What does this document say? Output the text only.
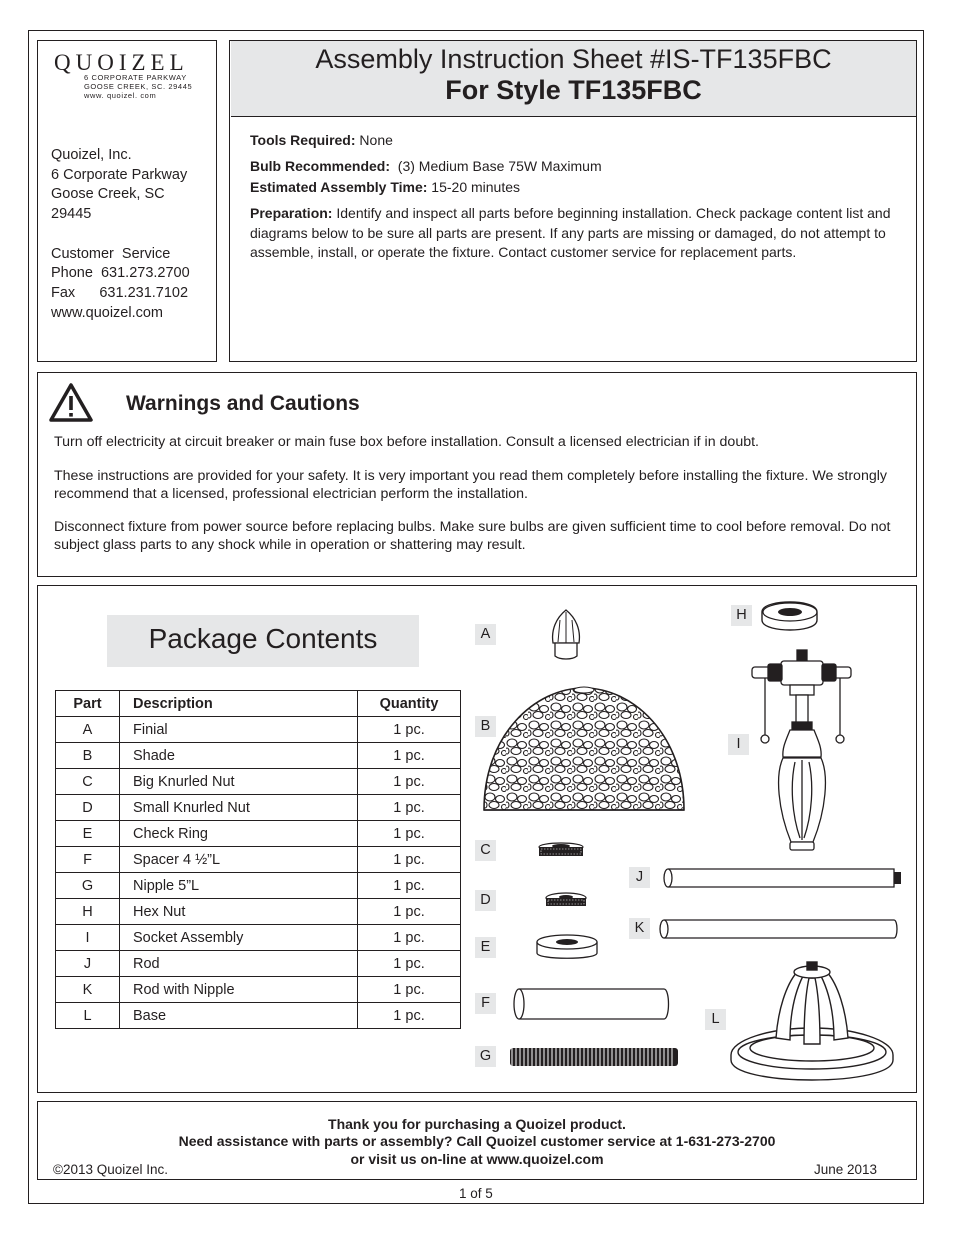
QUOIZEL
6 CORPORATE PARKWAY
GOOSE CREEK, SC. 29445
www. quoizel. com
Quoizel, Inc.
6 Corporate Parkway
Goose Creek, SC
29445

Customer  Service
Phone  631.273.2700
Fax      631.231.7102
www.quoizel.com
Assembly Instruction Sheet #IS-TF135FBC
For Style TF135FBC
Tools Required: None
Bulb Recommended: (3) Medium Base 75W Maximum
Estimated Assembly Time: 15-20 minutes
Preparation: Identify and inspect all parts before beginning installation. Check package content list and diagrams below to be sure all parts are present. If any parts are missing or damaged, do not attempt to assemble, install, or operate the fixture. Contact customer service for replacement parts.
Warnings and Cautions
Turn off electricity at circuit breaker or main fuse box before installation. Consult a licensed electrician if in doubt.
These instructions are provided for your safety. It is very important you read them completely before installing the fixture. We strongly recommend that a licensed, professional electrician perform the installation.
Disconnect fixture from power source before replacing bulbs. Make sure bulbs are given sufficient time to cool before removal. Do not subject glass parts to any shock while in operation or shattering may result.
Package Contents
Part	Description	Quantity
A	Finial	1 pc.
B	Shade	1 pc.
C	Big Knurled Nut	1 pc.
D	Small Knurled Nut	1 pc.
E	Check Ring	1 pc.
F	Spacer 4 ½”L	1 pc.
G	Nipple 5”L	1 pc.
H	Hex Nut	1 pc.
I	Socket Assembly	1 pc.
J	Rod	1 pc.
K	Rod with Nipple	1 pc.
L	Base	1 pc.
A
B
C
D
E
F
G
H
I
J
K
L
Thank you for purchasing a Quoizel product.
Need assistance with parts or assembly? Call Quoizel customer service at 1-631-273-2700
or visit us on-line at www.quoizel.com
©2013 Quoizel Inc.	June 2013
1 of 5
